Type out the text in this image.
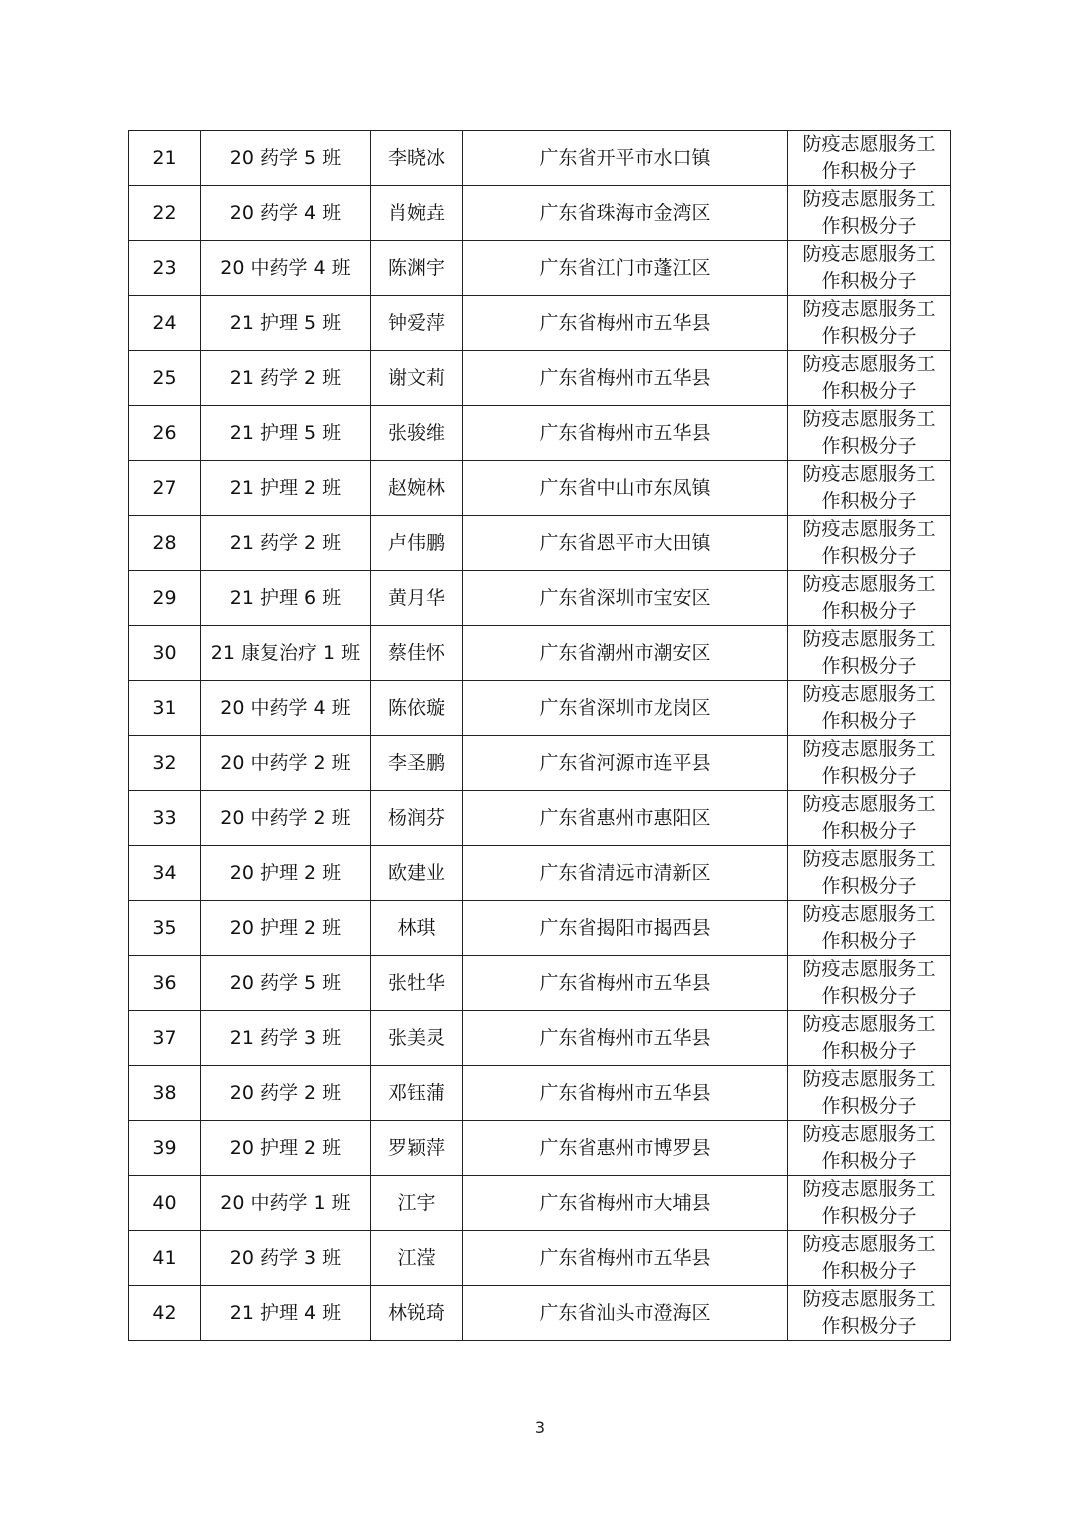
21	20 药学 5 班	李晓冰	广东省开平市水口镇	防疫志愿服务工作积极分子

22	20 药学 4 班	肖婉垚	广东省珠海市金湾区	防疫志愿服务工作积极分子

23	20 中药学 4 班	陈渊宇	广东省江门市蓬江区	防疫志愿服务工作积极分子

24	21 护理 5 班	钟爱萍	广东省梅州市五华县	防疫志愿服务工作积极分子

25	21 药学 2 班	谢文莉	广东省梅州市五华县	防疫志愿服务工作积极分子

26	21 护理 5 班	张骏维	广东省梅州市五华县	防疫志愿服务工作积极分子

27	21 护理 2 班	赵婉林	广东省中山市东凤镇	防疫志愿服务工作积极分子

28	21 药学 2 班	卢伟鹏	广东省恩平市大田镇	防疫志愿服务工作积极分子

29	21 护理 6 班	黄月华	广东省深圳市宝安区	防疫志愿服务工作积极分子

30	21 康复治疗 1 班	蔡佳怀	广东省潮州市潮安区	防疫志愿服务工作积极分子

31	20 中药学 4 班	陈依璇	广东省深圳市龙岗区	防疫志愿服务工作积极分子

32	20 中药学 2 班	李圣鹏	广东省河源市连平县	防疫志愿服务工作积极分子

33	20 中药学 2 班	杨润芬	广东省惠州市惠阳区	防疫志愿服务工作积极分子

34	20 护理 2 班	欧建业	广东省清远市清新区	防疫志愿服务工作积极分子

35	20 护理 2 班	林琪	广东省揭阳市揭西县	防疫志愿服务工作积极分子

36	20 药学 5 班	张牡华	广东省梅州市五华县	防疫志愿服务工作积极分子

37	21 药学 3 班	张美灵	广东省梅州市五华县	防疫志愿服务工作积极分子

38	20 药学 2 班	邓钰蒲	广东省梅州市五华县	防疫志愿服务工作积极分子

39	20 护理 2 班	罗颖萍	广东省惠州市博罗县	防疫志愿服务工作积极分子

40	20 中药学 1 班	江宇	广东省梅州市大埔县	防疫志愿服务工作积极分子

41	20 药学 3 班	江滢	广东省梅州市五华县	防疫志愿服务工作积极分子

42	21 护理 4 班	林锐琦	广东省汕头市澄海区	防疫志愿服务工作积极分子
3
